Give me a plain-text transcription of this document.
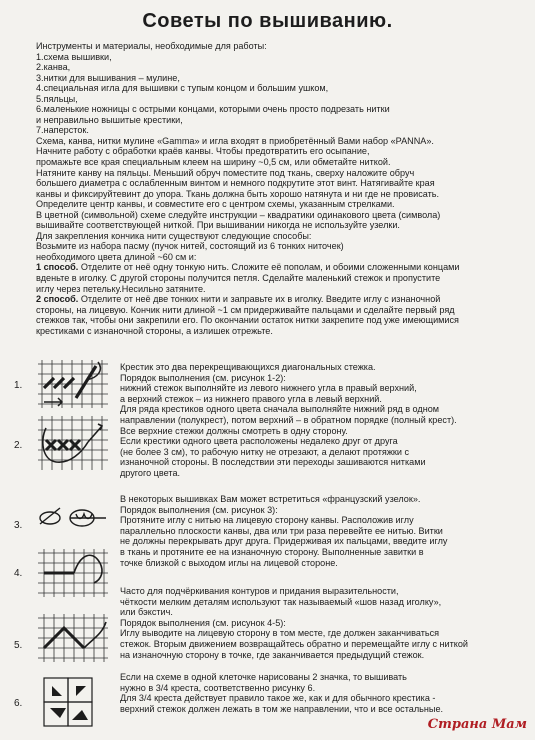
Советы по вышиванию.
Инструменты и материалы, необходимые для работы:
1.схема вышивки,
2.канва,
3.нитки для вышивания – мулине,
4.специальная игла для вышивки с тупым концом и большим ушком,
5.пяльцы,
6.маленькие ножницы с острыми концами, которыми очень просто подрезать нитки
и неправильно вышитые крестики,
7.наперсток.
Схема, канва, нитки мулине «Gamma» и игла входят в приобретённый Вами набор «PANNA».
Начните работу с обработки краёв канвы. Чтобы предотвратить его осыпание,
промажьте все края специальным клеем на ширину ~0,5 см, или обметайте ниткой.
Натяните канву на пяльцы. Меньший обруч поместите под ткань, сверху наложите обруч
большего диаметра с ослабленным винтом и немного подкрутите этот винт. Натягивайте края
канвы и фиксируйтевинт до упора. Ткань должна быть хорошо натянута и ни где не провисать.
Определите центр канвы, и совместите его с центром схемы, указанным стрелками.
В цветной (символьной) схеме следуйте инструкции – квадратики одинакового цвета (символа)
вышивайте соответствующей ниткой. При вышивании никогда не используйте узелки.
Для закрепления кончика нити существуют следующие способы:
Возьмите из набора пасму (пучок нитей, состоящий из 6 тонких ниточек)
необходимого цвета длиной ~60 см и:
1 способ. Отделите от неё одну тонкую нить. Сложите её пополам, и обоими сложенными концами
вденьте в иголку. С другой стороны получится петля. Сделайте маленький стежок и пропустите
иглу через петельку.Несильно затяните.
2 способ. Отделите от неё две тонких нити и заправьте их в иголку. Введите иглу с изнаночной
стороны, на лицевую. Кончик нити длиной ~1 см придерживайте пальцами и сделайте первый ряд
стежков так, чтобы они закрепили его. По окончании остаток нитки закрепите под уже имеющимися
крестиками с изнаночной стороны, а излишек отрежьте.
1.
2.
3.
4.
5.
6.
Крестик это два перекрещивающихся диагональных стежка.
Порядок выполнения (см. рисунок 1-2):
нижний стежок выполняйте из левого нижнего угла в правый верхний,
а верхний стежок – из нижнего правого угла в левый верхний.
Для ряда крестиков одного цвета сначала выполняйте нижний ряд в одном
направлении (полукрест), потом верхний – в обратном порядке (полный крест).
Все верхние стежки должны смотреть в одну сторону.
Если крестики одного цвета расположены недалеко друг от друга
(не более 3 см), то рабочую нитку не отрезают, а делают протяжки с
изнаночной стороны. В последствии эти переходы зашиваются нитками
другого цвета.
В некоторых вышивках Вам может встретиться «французский узелок».
Порядок выполнения (см. рисунок 3):
Протяните иглу с нитью на лицевую сторону канвы. Расположив иглу
параллельно плоскости канвы, два или три раза перевейте ее нитью. Витки
не должны перекрывать друг друга. Придерживая их пальцами, введите иглу
в ткань и протяните ее на изнаночную сторону. Выполненные завитки в
точке близкой с выходом иглы на лицевой стороне.
Часто для подчёркивания контуров и придания выразительности,
чёткости мелким деталям используют так называемый «шов назад иголку»,
или бэкстич.
Порядок выполнения (см. рисунок 4-5):
Иглу выводите на лицевую сторону в том месте, где должен заканчиваться
стежок. Вторым движением возвращайтесь обратно и перемещайте иглу с ниткой
на изнаночную сторону в точке, где заканчивается предыдущий стежок.
Если на схеме в одной клеточке нарисованы 2 значка, то вышивать
нужно в 3/4 креста, соответственно рисунку 6.
Для 3/4 креста действует правило такое же, как и для обычного крестика -
верхний стежок должен лежать в том же направлении, что и все остальные.
Страна Мам
